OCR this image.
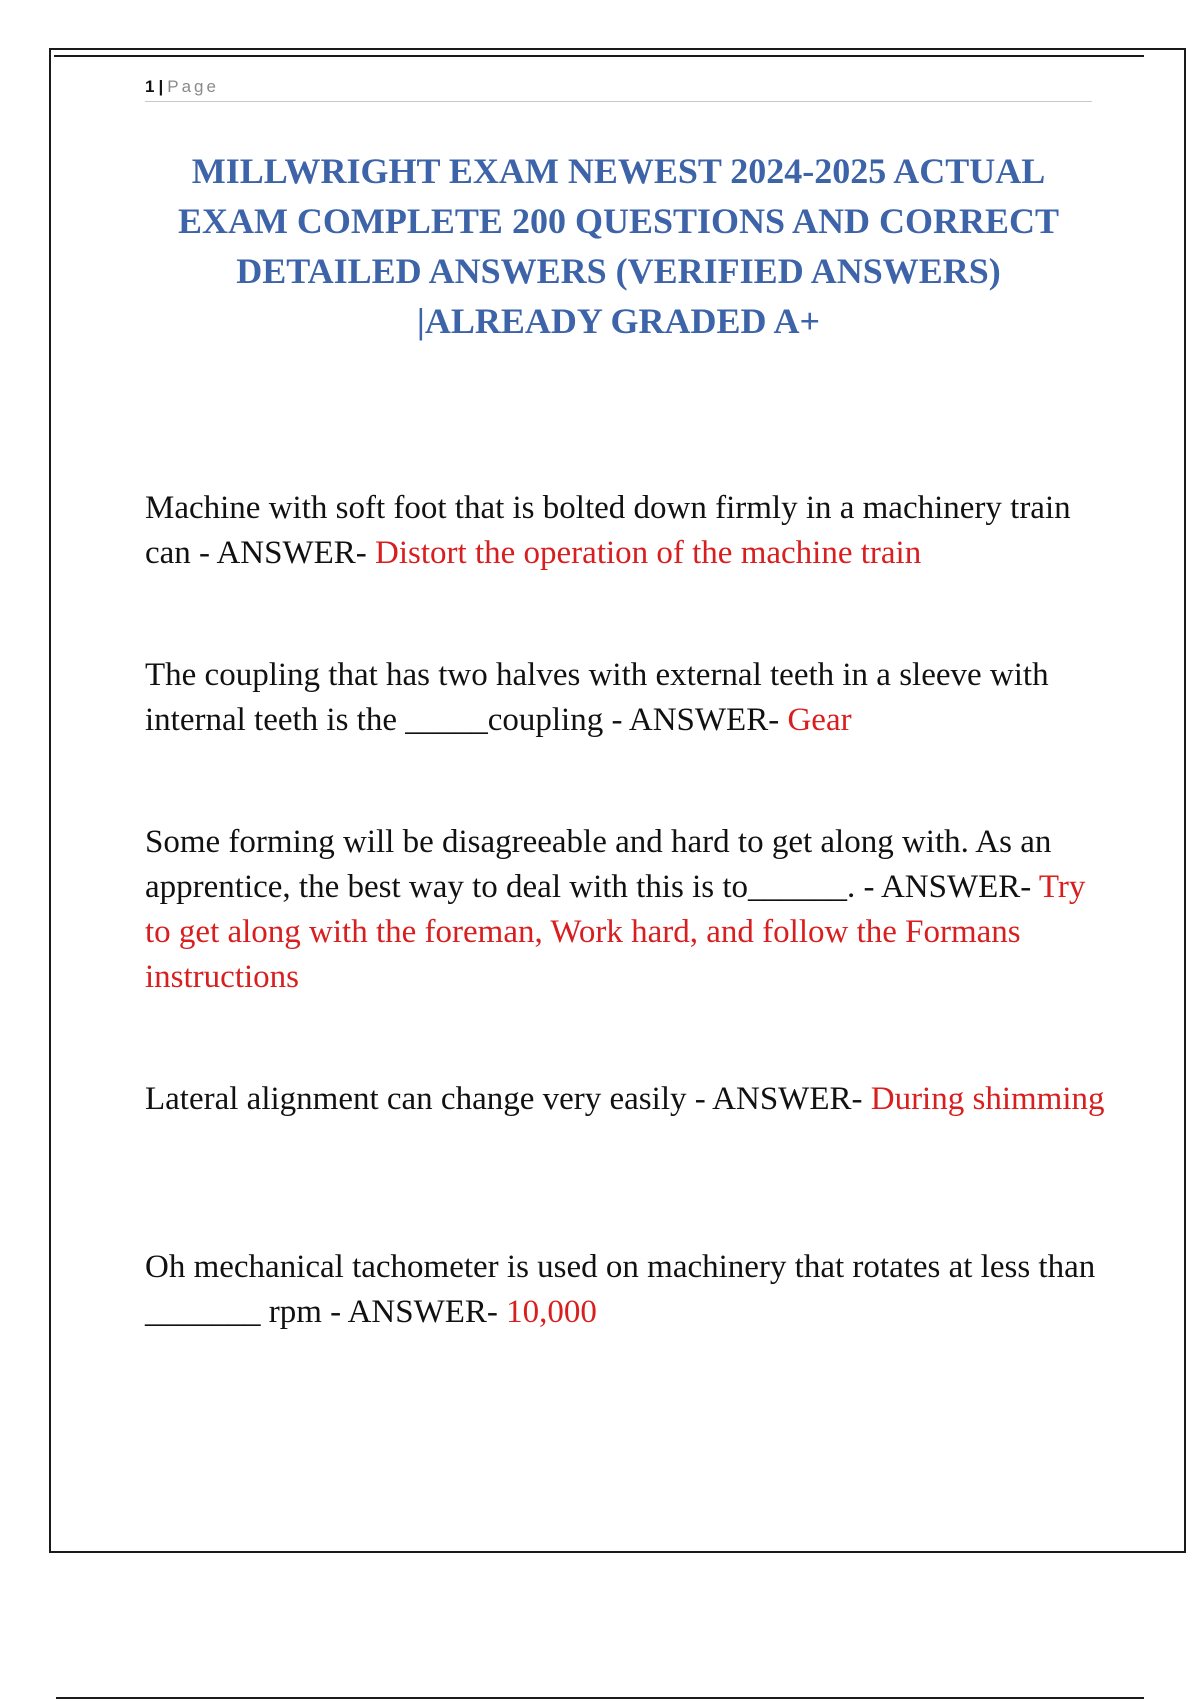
1 | Page
MILLWRIGHT EXAM NEWEST 2024-2025 ACTUAL EXAM COMPLETE 200 QUESTIONS AND CORRECT DETAILED ANSWERS (VERIFIED ANSWERS) |ALREADY GRADED A+

Machine with soft foot that is bolted down firmly in a machinery train can - ANSWER- Distort the operation of the machine train

The coupling that has two halves with external teeth in a sleeve with internal teeth is the _____coupling - ANSWER- Gear

Some forming will be disagreeable and hard to get along with. As an apprentice, the best way to deal with this is to______. - ANSWER- Try to get along with the foreman, Work hard, and follow the Formans instructions

Lateral alignment can change very easily - ANSWER- During shimming

Oh mechanical tachometer is used on machinery that rotates at less than _______ rpm - ANSWER- 10,000
